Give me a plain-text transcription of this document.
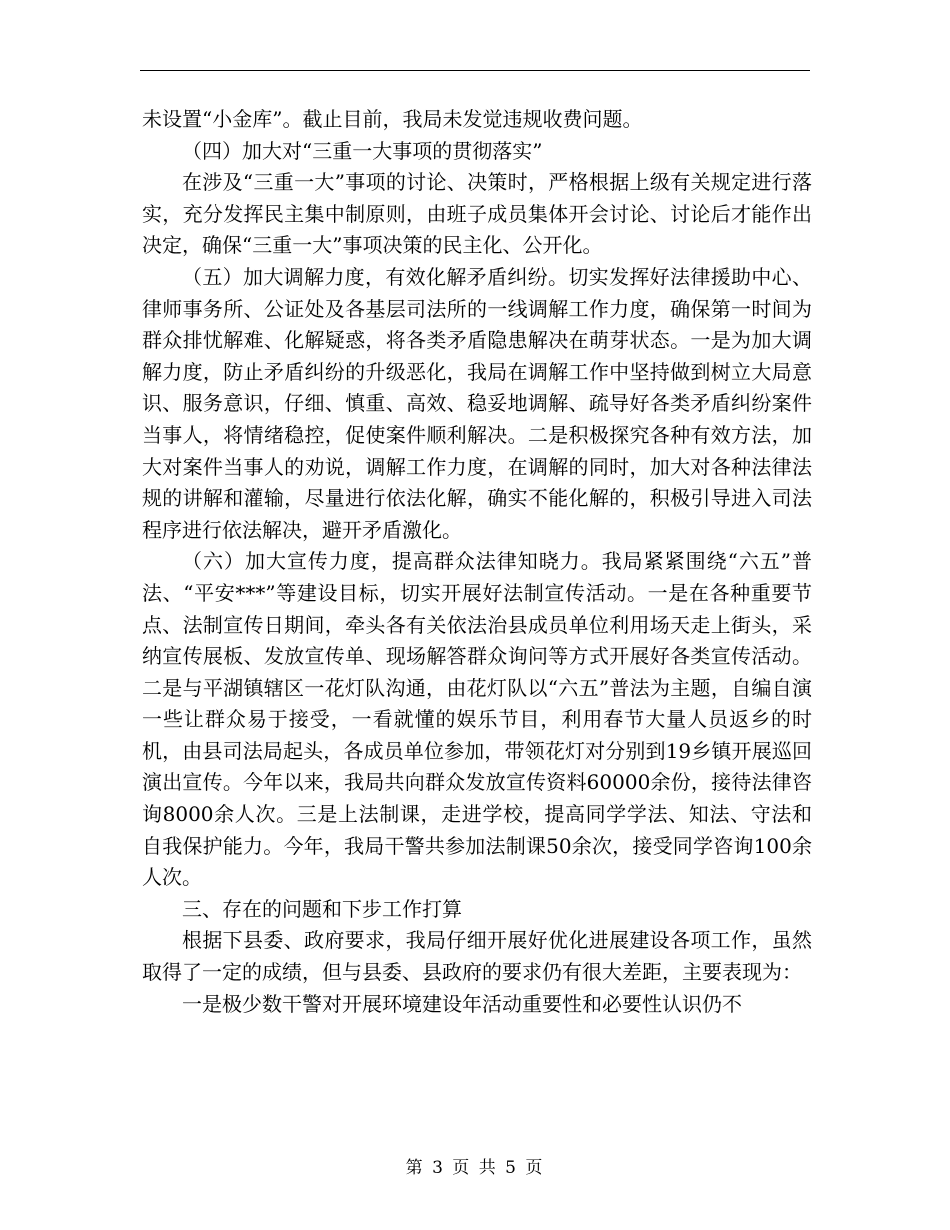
未设置“小金库”。截止目前，我局未发觉违规收费问题。

（四）加大对“三重一大事项的贯彻落实”

在涉及“三重一大”事项的讨论、决策时，严格根据上级有关规定进行落实，充分发挥民主集中制原则，由班子成员集体开会讨论、讨论后才能作出决定，确保“三重一大”事项决策的民主化、公开化。

（五）加大调解力度，有效化解矛盾纠纷。切实发挥好法律援助中心、律师事务所、公证处及各基层司法所的一线调解工作力度，确保第一时间为群众排忧解难、化解疑惑，将各类矛盾隐患解决在萌芽状态。一是为加大调解力度，防止矛盾纠纷的升级恶化，我局在调解工作中坚持做到树立大局意识、服务意识，仔细、慎重、高效、稳妥地调解、疏导好各类矛盾纠纷案件当事人，将情绪稳控，促使案件顺利解决。二是积极探究各种有效方法，加大对案件当事人的劝说，调解工作力度，在调解的同时，加大对各种法律法规的讲解和灌输，尽量进行依法化解，确实不能化解的，积极引导进入司法程序进行依法解决，避开矛盾激化。

（六）加大宣传力度，提高群众法律知晓力。我局紧紧围绕“六五”普法、“平安***”等建设目标，切实开展好法制宣传活动。一是在各种重要节点、法制宣传日期间，牵头各有关依法治县成员单位利用场天走上街头，采纳宣传展板、发放宣传单、现场解答群众询问等方式开展好各类宣传活动。二是与平湖镇辖区一花灯队沟通，由花灯队以“六五”普法为主题，自编自演一些让群众易于接受，一看就懂的娱乐节目，利用春节大量人员返乡的时机，由县司法局起头，各成员单位参加，带领花灯对分别到19乡镇开展巡回演出宣传。今年以来，我局共向群众发放宣传资料60000余份，接待法律咨询8000余人次。三是上法制课，走进学校，提高同学学法、知法、守法和自我保护能力。今年，我局干警共参加法制课50余次，接受同学咨询100余人次。

三、存在的问题和下步工作打算

根据下县委、政府要求，我局仔细开展好优化进展建设各项工作，虽然取得了一定的成绩，但与县委、县政府的要求仍有很大差距，主要表现为：

一是极少数干警对开展环境建设年活动重要性和必要性认识仍不

第 3 页 共 5 页
